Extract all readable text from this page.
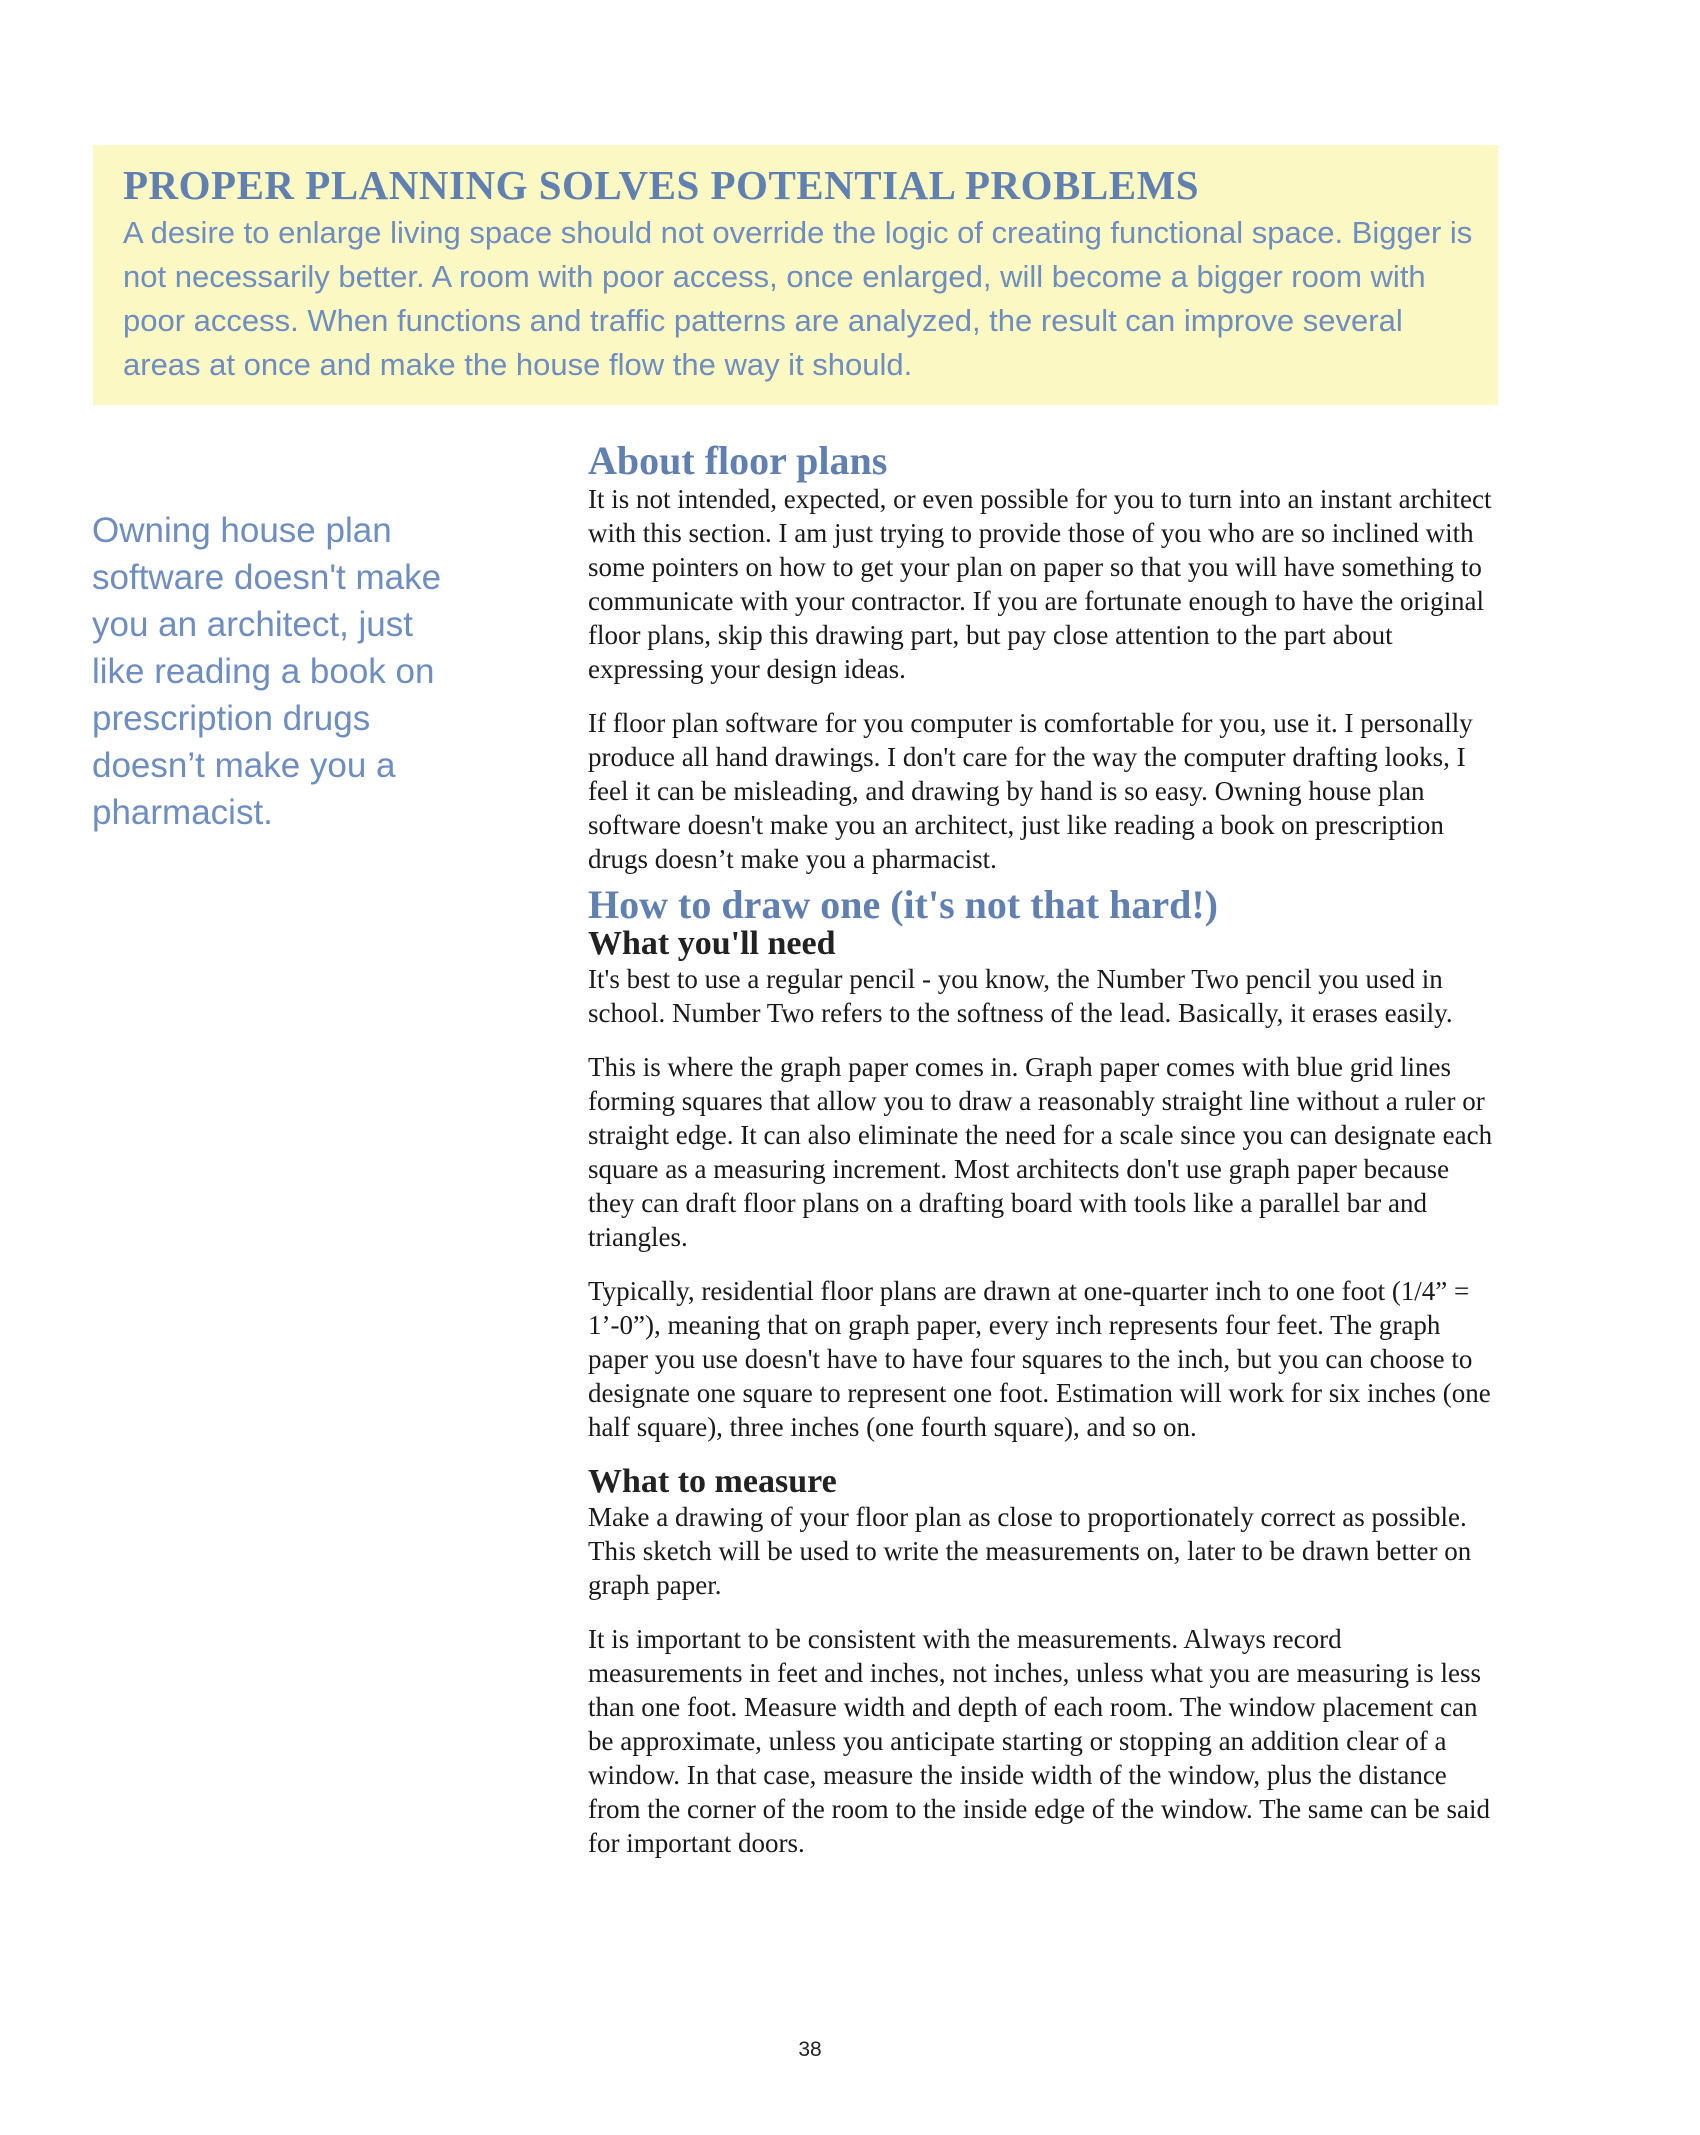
PROPER PLANNING SOLVES POTENTIAL PROBLEMS

A desire to enlarge living space should not override the logic of creating functional space. Bigger is not necessarily better. A room with poor access, once enlarged, will become a bigger room with poor access. When functions and traffic patterns are analyzed, the result can improve several areas at once and make the house flow the way it should.

Owning house plan software doesn't make you an architect, just like reading a book on prescription drugs doesn’t make you a pharmacist.

About floor plans

It is not intended, expected, or even possible for you to turn into an instant architect with this section. I am just trying to provide those of you who are so inclined with some pointers on how to get your plan on paper so that you will have something to communicate with your contractor. If you are fortunate enough to have the original floor plans, skip this drawing part, but pay close attention to the part about expressing your design ideas.

If floor plan software for you computer is comfortable for you, use it. I personally produce all hand drawings. I don't care for the way the computer drafting looks, I feel it can be misleading, and drawing by hand is so easy. Owning house plan software doesn't make you an architect, just like reading a book on prescription drugs doesn’t make you a pharmacist.

How to draw one (it's not that hard!)
What you'll need

It's best to use a regular pencil - you know, the Number Two pencil you used in school. Number Two refers to the softness of the lead. Basically, it erases easily.

This is where the graph paper comes in. Graph paper comes with blue grid lines forming squares that allow you to draw a reasonably straight line without a ruler or straight edge. It can also eliminate the need for a scale since you can designate each square as a measuring increment. Most architects don't use graph paper because they can draft floor plans on a drafting board with tools like a parallel bar and triangles.

Typically, residential floor plans are drawn at one-quarter inch to one foot (1/4” = 1’-0”), meaning that on graph paper, every inch represents four feet. The graph paper you use doesn't have to have four squares to the inch, but you can choose to designate one square to represent one foot. Estimation will work for six inches (one half square), three inches (one fourth square), and so on.

What to measure

Make a drawing of your floor plan as close to proportionately correct as possible. This sketch will be used to write the measurements on, later to be drawn better on graph paper.

It is important to be consistent with the measurements. Always record measurements in feet and inches, not inches, unless what you are measuring is less than one foot. Measure width and depth of each room. The window placement can be approximate, unless you anticipate starting or stopping an addition clear of a window. In that case, measure the inside width of the window, plus the distance from the corner of the room to the inside edge of the window. The same can be said for important doors.

38
